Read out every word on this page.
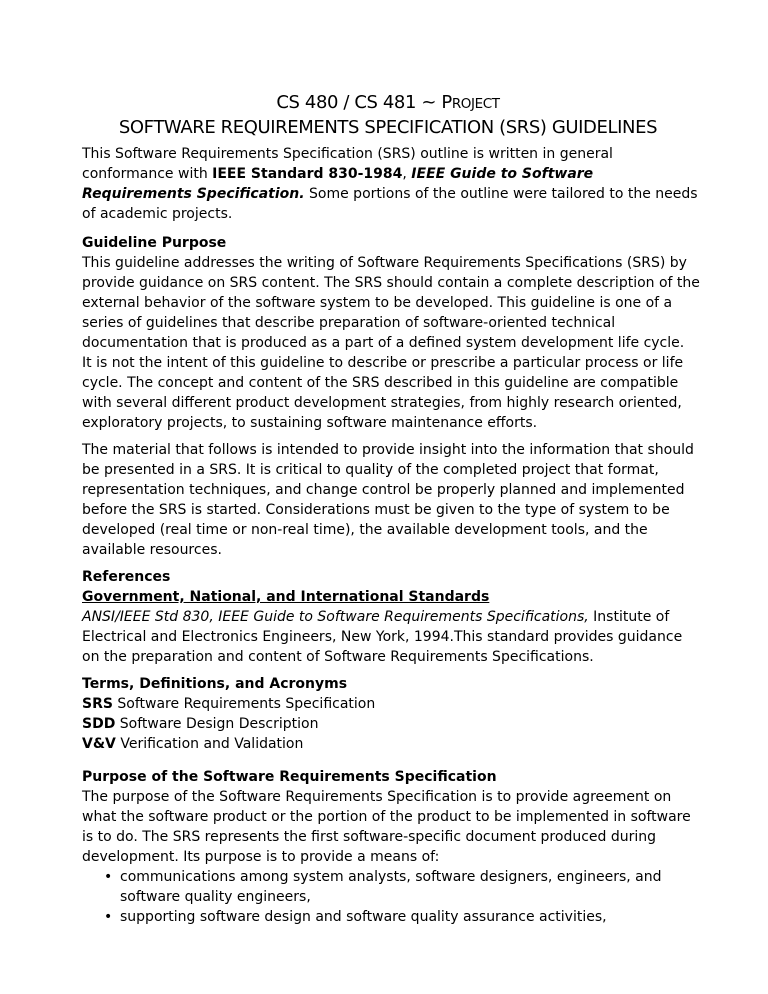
CS 480 / CS 481 ~ PROJECT
SOFTWARE REQUIREMENTS SPECIFICATION (SRS) GUIDELINES
This Software Requirements Specification (SRS) outline is written in general
conformance with IEEE Standard 830-1984, IEEE Guide to Software
Requirements Specification. Some portions of the outline were tailored to the needs
of academic projects.
Guideline Purpose
This guideline addresses the writing of Software Requirements Specifications (SRS) by
provide guidance on SRS content. The SRS should contain a complete description of the
external behavior of the software system to be developed. This guideline is one of a
series of guidelines that describe preparation of software-oriented technical
documentation that is produced as a part of a defined system development life cycle.
It is not the intent of this guideline to describe or prescribe a particular process or life
cycle. The concept and content of the SRS described in this guideline are compatible
with several different product development strategies, from highly research oriented,
exploratory projects, to sustaining software maintenance efforts.
The material that follows is intended to provide insight into the information that should
be presented in a SRS. It is critical to quality of the completed project that format,
representation techniques, and change control be properly planned and implemented
before the SRS is started. Considerations must be given to the type of system to be
developed (real time or non-real time), the available development tools, and the
available resources.
References
Government, National, and International Standards
ANSI/IEEE Std 830, IEEE Guide to Software Requirements Specifications, Institute of
Electrical and Electronics Engineers, New York, 1994.This standard provides guidance
on the preparation and content of Software Requirements Specifications.
Terms, Definitions, and Acronyms
SRS Software Requirements Specification
SDD Software Design Description
V&V Verification and Validation
Purpose of the Software Requirements Specification
The purpose of the Software Requirements Specification is to provide agreement on
what the software product or the portion of the product to be implemented in software
is to do. The SRS represents the first software-specific document produced during
development. Its purpose is to provide a means of:
• communications among system analysts, software designers, engineers, and
software quality engineers,
• supporting software design and software quality assurance activities,
